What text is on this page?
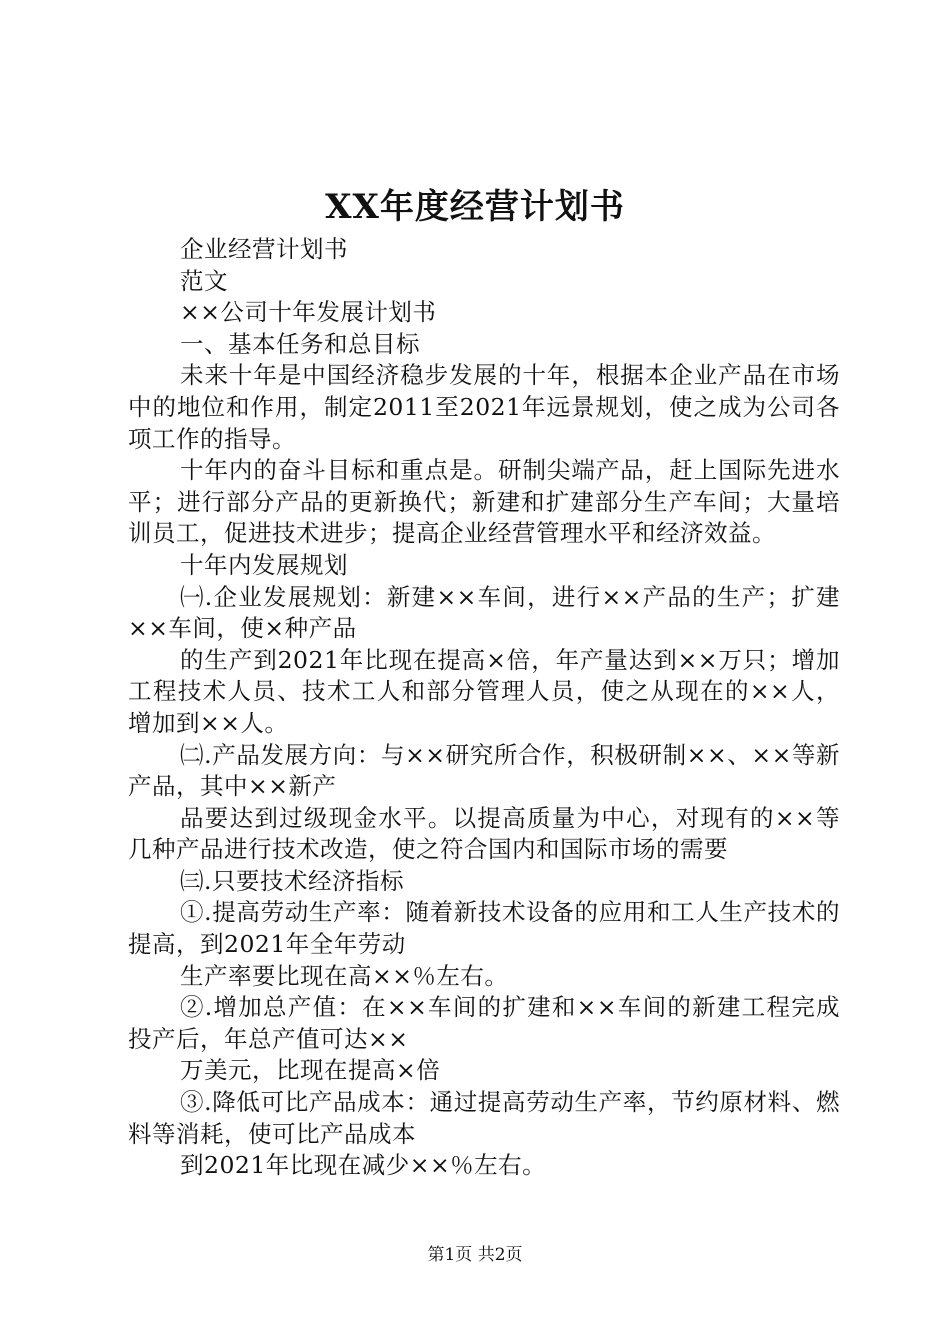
XX年度经营计划书

企业经营计划书

范文

××公司十年发展计划书

一、基本任务和总目标

未来十年是中国经济稳步发展的十年，根据本企业产品在市场中的地位和作用，制定2011至2021年远景规划，使之成为公司各项工作的指导。

十年内的奋斗目标和重点是。研制尖端产品，赶上国际先进水平；进行部分产品的更新换代；新建和扩建部分生产车间；大量培训员工，促进技术进步；提高企业经营管理水平和经济效益。

十年内发展规划

㈠.企业发展规划：新建××车间，进行××产品的生产；扩建××车间，使×种产品

的生产到2021年比现在提高×倍，年产量达到××万只；增加工程技术人员、技术工人和部分管理人员，使之从现在的××人，增加到××人。

㈡.产品发展方向：与××研究所合作，积极研制××、××等新产品，其中××新产

品要达到过级现金水平。以提高质量为中心，对现有的××等几种产品进行技术改造，使之符合国内和国际市场的需要

㈢.只要技术经济指标

①.提高劳动生产率：随着新技术设备的应用和工人生产技术的提高，到2021年全年劳动

生产率要比现在高××％左右。

②.增加总产值：在××车间的扩建和××车间的新建工程完成投产后，年总产值可达××

万美元，比现在提高×倍

③.降低可比产品成本：通过提高劳动生产率，节约原材料、燃料等消耗，使可比产品成本

到2021年比现在减少××％左右。

第1页 共2页
